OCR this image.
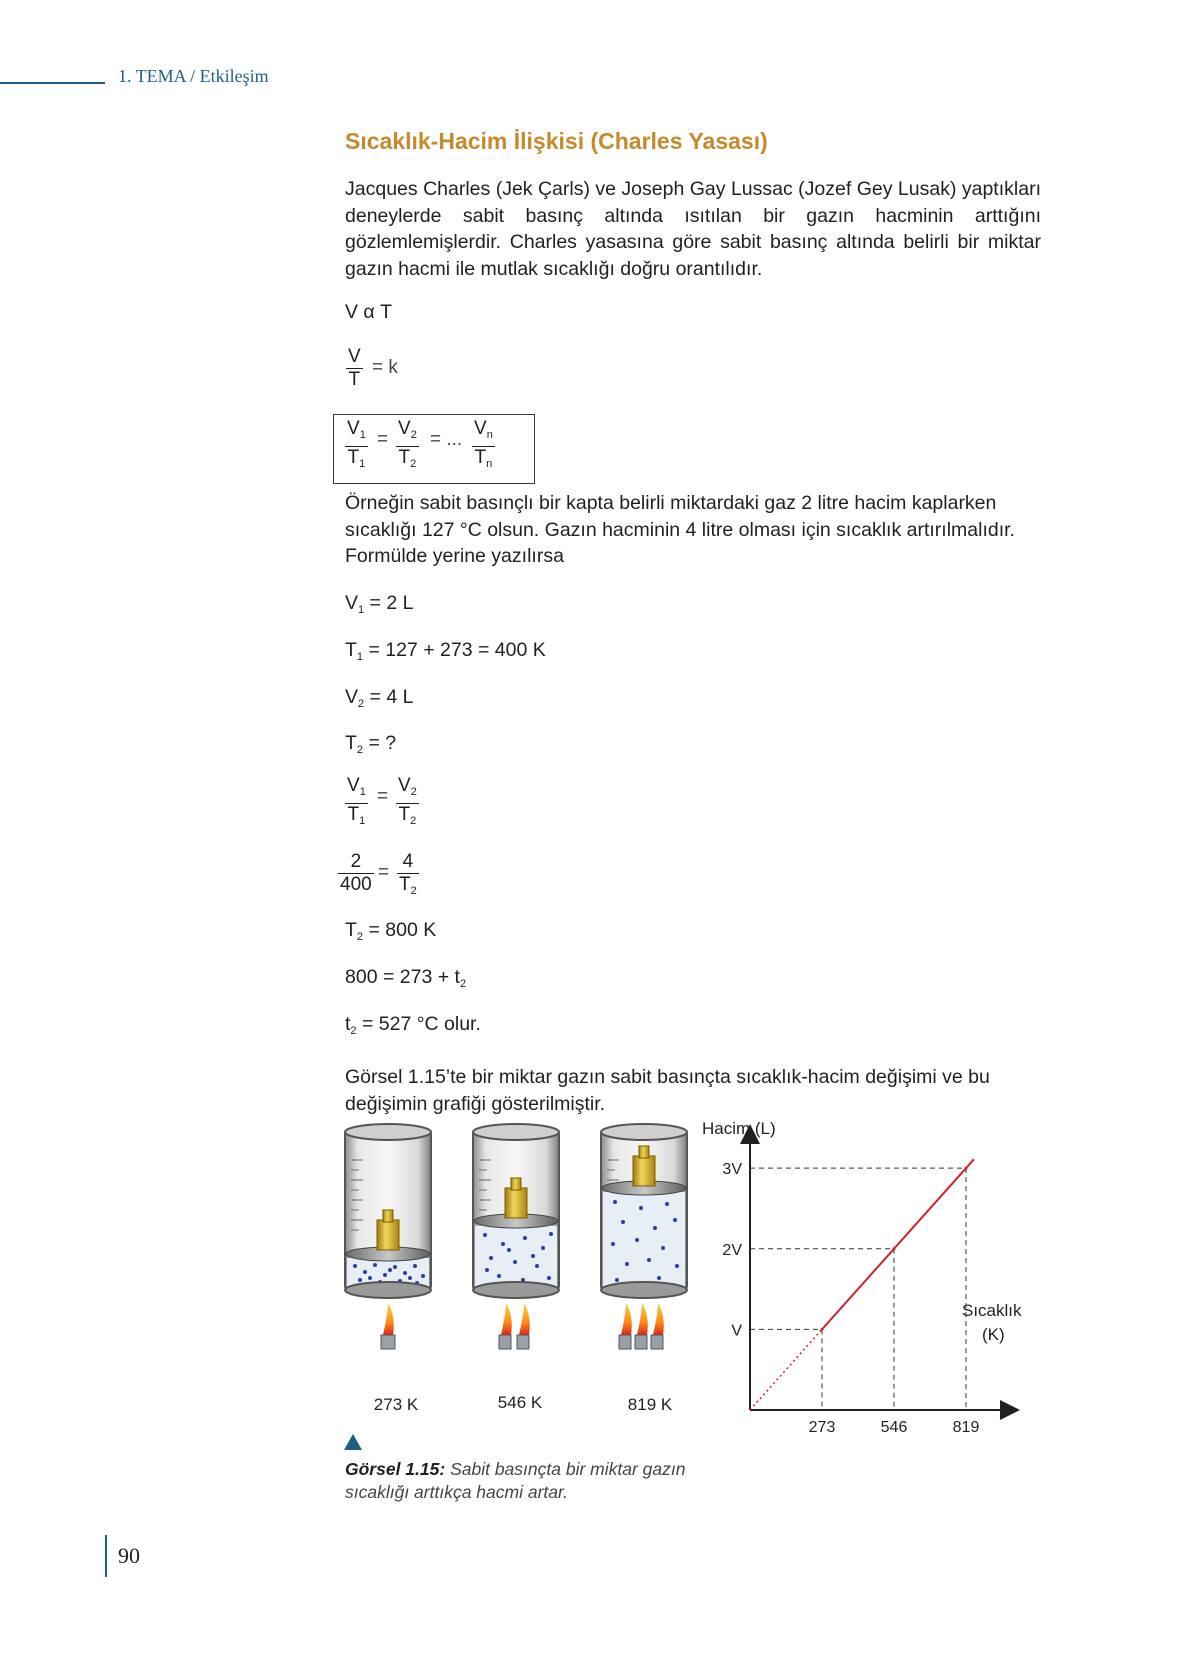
1. TEMA / Etkileşim
Sıcaklık-Hacim İlişkisi (Charles Yasası)

Jacques Charles (Jek Çarls) ve Joseph Gay Lussac (Jozef Gey Lusak) yaptıkları deneylerde sabit basınç altında ısıtılan bir gazın hacminin arttığını gözlemlemişlerdir. Charles yasasına göre sabit basınç altında belirli bir miktar gazın hacmi ile mutlak sıcaklığı doğru orantılıdır.

V α T
V
T
= k
$V_1$
$T_1$
=
$V_2$
$T_2$
= ...
$V_n$
$T_n$

Örneğin sabit basınçlı bir kapta belirli miktardaki gaz 2 litre hacim kaplarken sıcaklığı 127 °C olsun. Gazın hacminin 4 litre olması için sıcaklık artırılmalıdır. Formülde yerine yazılırsa

$V_1 = 2$ L
$T_1 = 127 + 273 = 400$ K
$V_2 = 4$ L
$T_2$ = ?
$V_1$
$T_1$
=
$V_2$
$T_2$
2
400
=
4
$T_2$
$T_2 = 800$ K
$800 = 273 + t_2$
$t_2 = 527$ °C olur.

Görsel 1.15’te bir miktar gazın sabit basınçta sıcaklık-hacim değişimi ve bu değişimin grafiği gösterilmiştir.

273 K	546 K	819 K
Hacim (L)
Sıcaklık
(K)
273
V
546
2V
819
3V

Görsel 1.15: Sabit basınçta bir miktar gazın sıcaklığı arttıkça hacmi artar.

90
